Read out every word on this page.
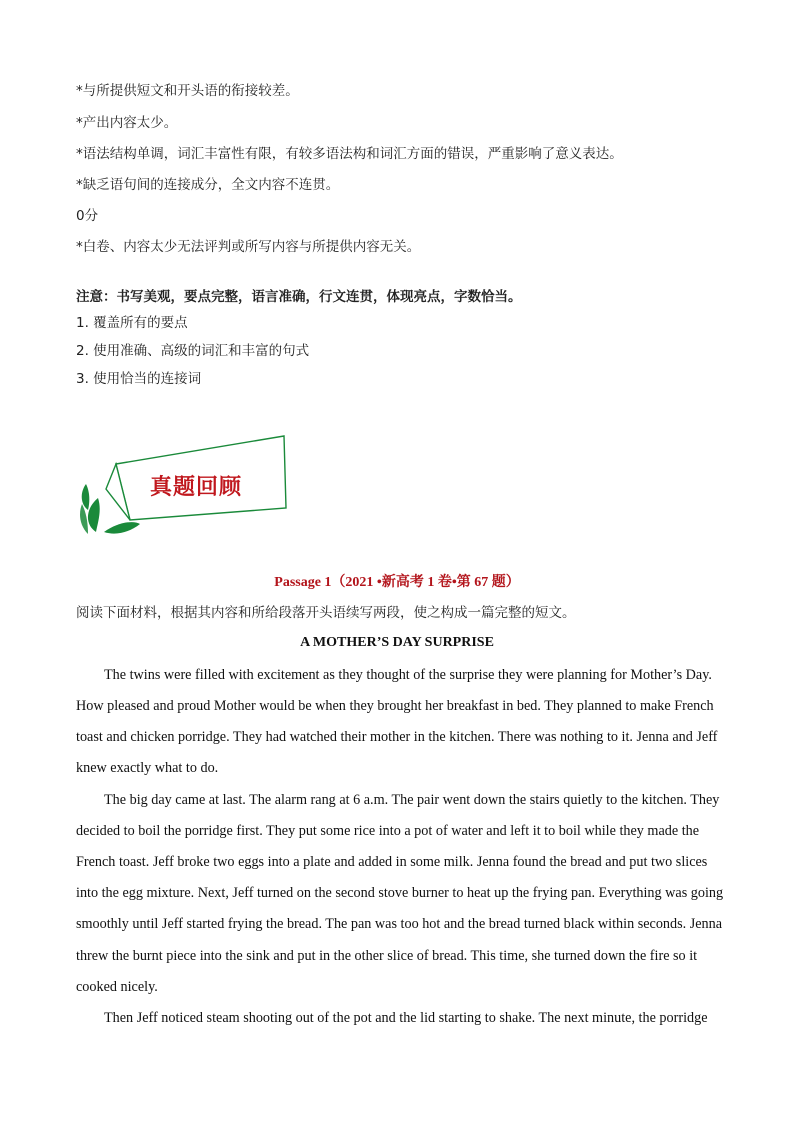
*与所提供短文和开头语的衔接较差。
*产出内容太少。
*语法结构单调，词汇丰富性有限，有较多语法构和词汇方面的错误，严重影响了意义表达。
*缺乏语句间的连接成分，全文内容不连贯。
0分
*白卷、内容太少无法评判或所写内容与所提供内容无关。
注意：书写美观，要点完整，语言准确，行文连贯，体现亮点，字数恰当。
1. 覆盖所有的要点
2. 使用准确、高级的词汇和丰富的句式
3. 使用恰当的连接词
真题回顾
Passage 1（2021 •新高考 1 卷•第 67 题）
阅读下面材料，根据其内容和所给段落开头语续写两段，使之构成一篇完整的短文。
A MOTHER’S DAY SURPRISE
The twins were filled with excitement as they thought of the surprise they were planning for Mother’s Day.
How pleased and proud Mother would be when they brought her breakfast in bed. They planned to make French
toast and chicken porridge. They had watched their mother in the kitchen. There was nothing to it. Jenna and Jeff
knew exactly what to do.
The big day came at last. The alarm rang at 6 a.m. The pair went down the stairs quietly to the kitchen. They
decided to boil the porridge first. They put some rice into a pot of water and left it to boil while they made the
French toast. Jeff broke two eggs into a plate and added in some milk. Jenna found the bread and put two slices
into the egg mixture. Next, Jeff turned on the second stove burner to heat up the frying pan. Everything was going
smoothly until Jeff started frying the bread. The pan was too hot and the bread turned black within seconds. Jenna
threw the burnt piece into the sink and put in the other slice of bread. This time, she turned down the fire so it
cooked nicely.
Then Jeff noticed steam shooting out of the pot and the lid starting to shake. The next minute, the porridge
